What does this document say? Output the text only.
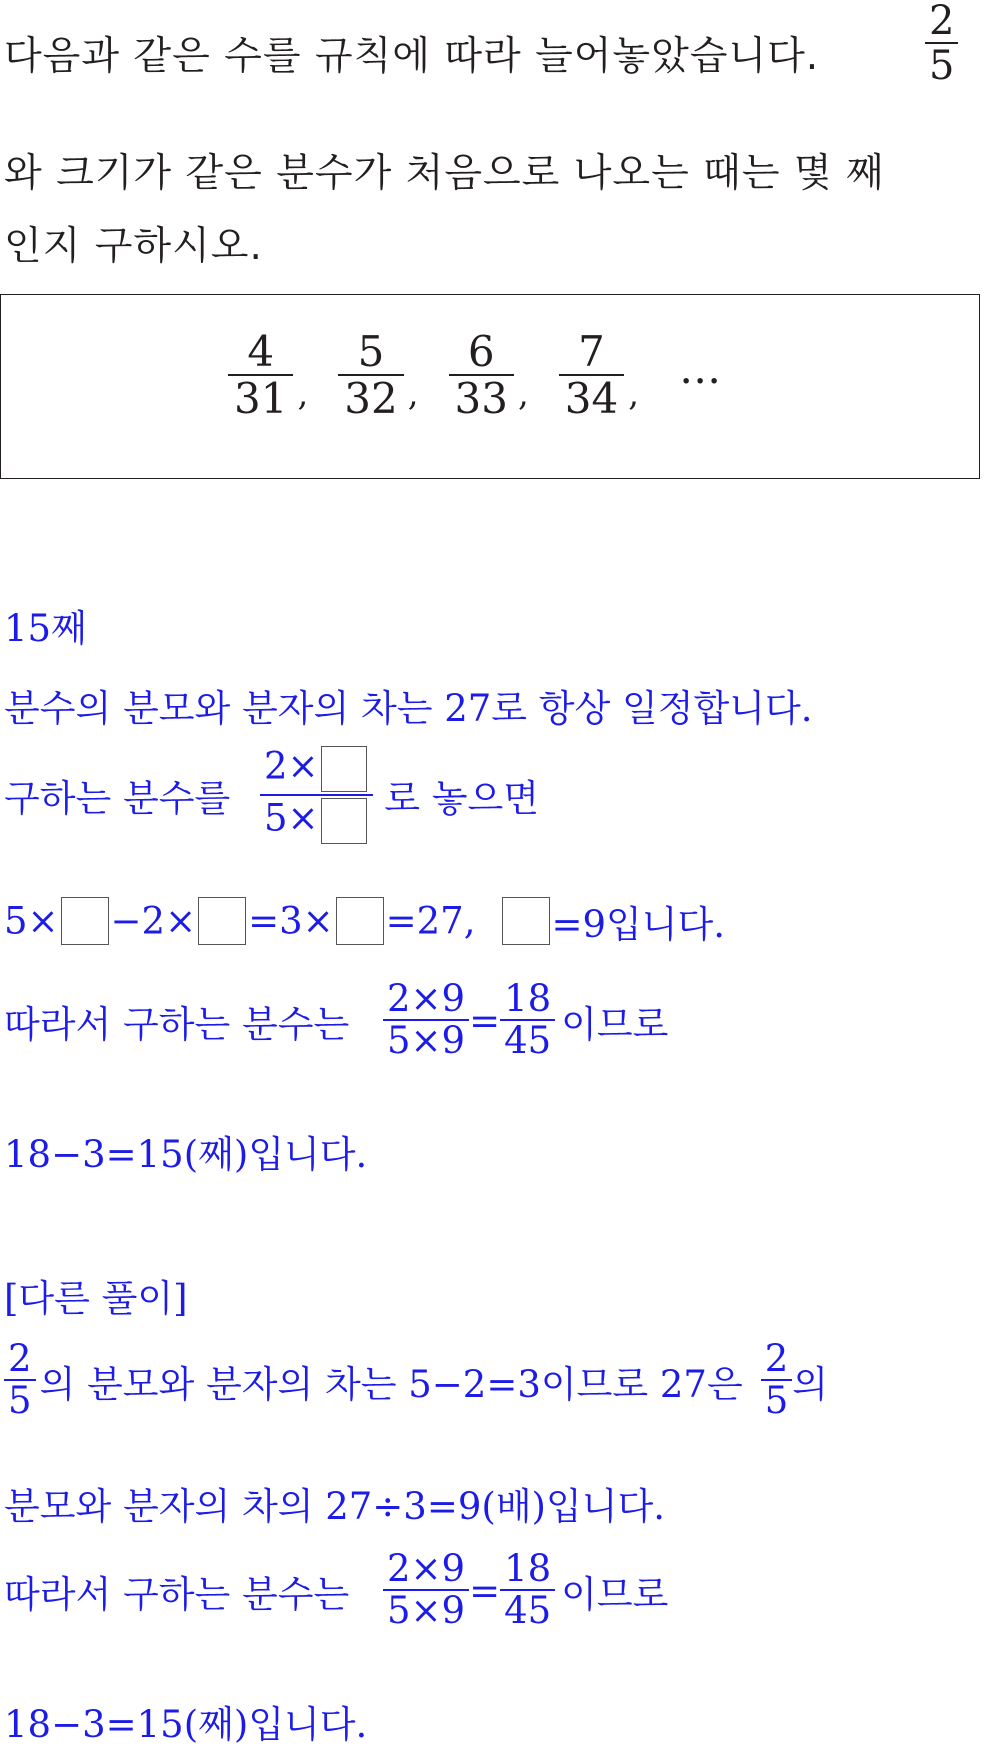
다음과 같은 수를 규칙에 따라 늘어놓았습니다.	$\frac{2}{5}$
와 크기가 같은 분수가 처음으로 나오는 때는 몇 째
인지 구하시오.
$\frac{4}{31}$ , $\frac{5}{32}$ , $\frac{6}{33}$ , $\frac{7}{34}$ ,…
15째
분수의 분모와 분자의 차는 27로 항상 일정합니다.
구하는 분수를 $\frac{2\times}{5\times}$ 로 놓으면
5× −2× =3× =27, =9입니다.
따라서 구하는 분수는 $\frac{2\times 9}{5\times 9} = \frac{18}{45}$ 이므로
18−3=15(째)입니다.
[다른 풀이]
$\frac{2}{5}$ 의 분모와 분자의 차는 5−2=3이므로 27은 $\frac{2}{5}$ 의
분모와 분자의 차의 27÷3=9(배)입니다.
따라서 구하는 분수는 $\frac{2\times 9}{5\times 9} = \frac{18}{45}$ 이므로
18−3=15(째)입니다.
